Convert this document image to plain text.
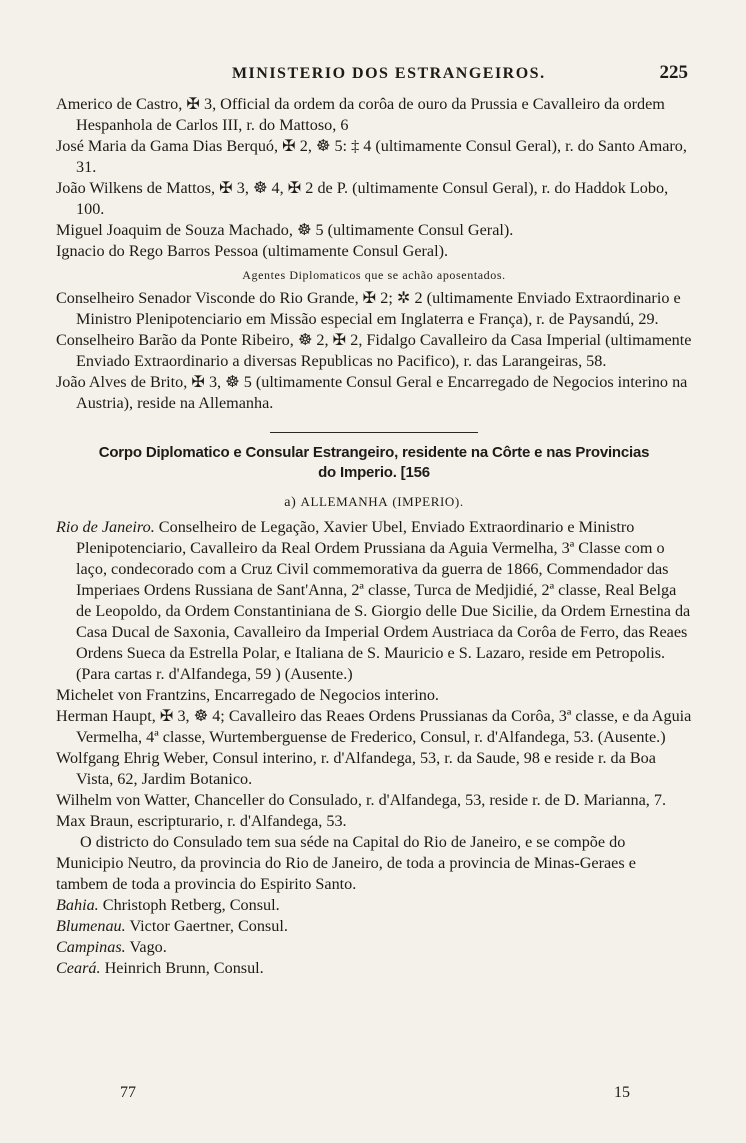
MINISTERIO DOS ESTRANGEIROS.	225

Americo de Castro, ✠ 3, Official da ordem da corôa de ouro da Prussia e Cavalleiro da ordem Hespanhola de Carlos III, r. do Mattoso, 6

José Maria da Gama Dias Berquó, ✠ 2, ☸ 5: ‡ 4 (ultimamente Consul Geral), r. do Santo Amaro, 31.

João Wilkens de Mattos, ✠ 3, ☸ 4, ✠ 2 de P. (ultimamente Consul Geral), r. do Haddok Lobo, 100.

Miguel Joaquim de Souza Machado, ☸ 5 (ultimamente Consul Geral).

Ignacio do Rego Barros Pessoa (ultimamente Consul Geral).

Agentes Diplomaticos que se achão aposentados.

Conselheiro Senador Visconde do Rio Grande, ✠ 2; ✲ 2 (ultimamente Enviado Extraordinario e Ministro Plenipotenciario em Missão especial em Inglaterra e França), r. de Paysandú, 29.

Conselheiro Barão da Ponte Ribeiro, ☸ 2, ✠ 2, Fidalgo Cavalleiro da Casa Imperial (ultimamente Enviado Extraordinario a diversas Republicas no Pacifico), r. das Larangeiras, 58.

João Alves de Brito, ✠ 3, ☸ 5 (ultimamente Consul Geral e Encarregado de Negocios interino na Austria), reside na Allemanha.

Corpo Diplomatico e Consular Estrangeiro, residente na Côrte e nas Provincias
do Imperio. [156

a) ALLEMANHA (IMPERIO).

Rio de Janeiro. Conselheiro de Legação, Xavier Ubel, Enviado Extraordinario e Ministro Plenipotenciario, Cavalleiro da Real Ordem Prussiana da Aguia Vermelha, 3ª Classe com o laço, condecorado com a Cruz Civil commemorativa da guerra de 1866, Commendador das Imperiaes Ordens Russiana de Sant'Anna, 2ª classe, Turca de Medjidié, 2ª classe, Real Belga de Leopoldo, da Ordem Constantiniana de S. Giorgio delle Due Sicilie, da Ordem Ernestina da Casa Ducal de Saxonia, Cavalleiro da Imperial Ordem Austriaca da Corôa de Ferro, das Reaes Ordens Sueca da Estrella Polar, e Italiana de S. Mauricio e S. Lazaro, reside em Petropolis. (Para cartas r. d'Alfandega, 59 ) (Ausente.)

Michelet von Frantzins, Encarregado de Negocios interino.

Herman Haupt, ✠ 3, ☸ 4; Cavalleiro das Reaes Ordens Prussianas da Corôa, 3ª classe, e da Aguia Vermelha, 4ª classe, Wurtemberguense de Frederico, Consul, r. d'Alfandega, 53. (Ausente.)

Wolfgang Ehrig Weber, Consul interino, r. d'Alfandega, 53, r. da Saude, 98 e reside r. da Boa Vista, 62, Jardim Botanico.

Wilhelm von Watter, Chanceller do Consulado, r. d'Alfandega, 53, reside r. de D. Marianna, 7.

Max Braun, escripturario, r. d'Alfandega, 53.

O districto do Consulado tem sua séde na Capital do Rio de Janeiro, e se compõe do Municipio Neutro, da provincia do Rio de Janeiro, de toda a provincia de Minas-Geraes e tambem de toda a provincia do Espirito Santo.

Bahia. Christoph Retberg, Consul.

Blumenau. Victor Gaertner, Consul.

Campinas. Vago.

Ceará. Heinrich Brunn, Consul.

77	15
